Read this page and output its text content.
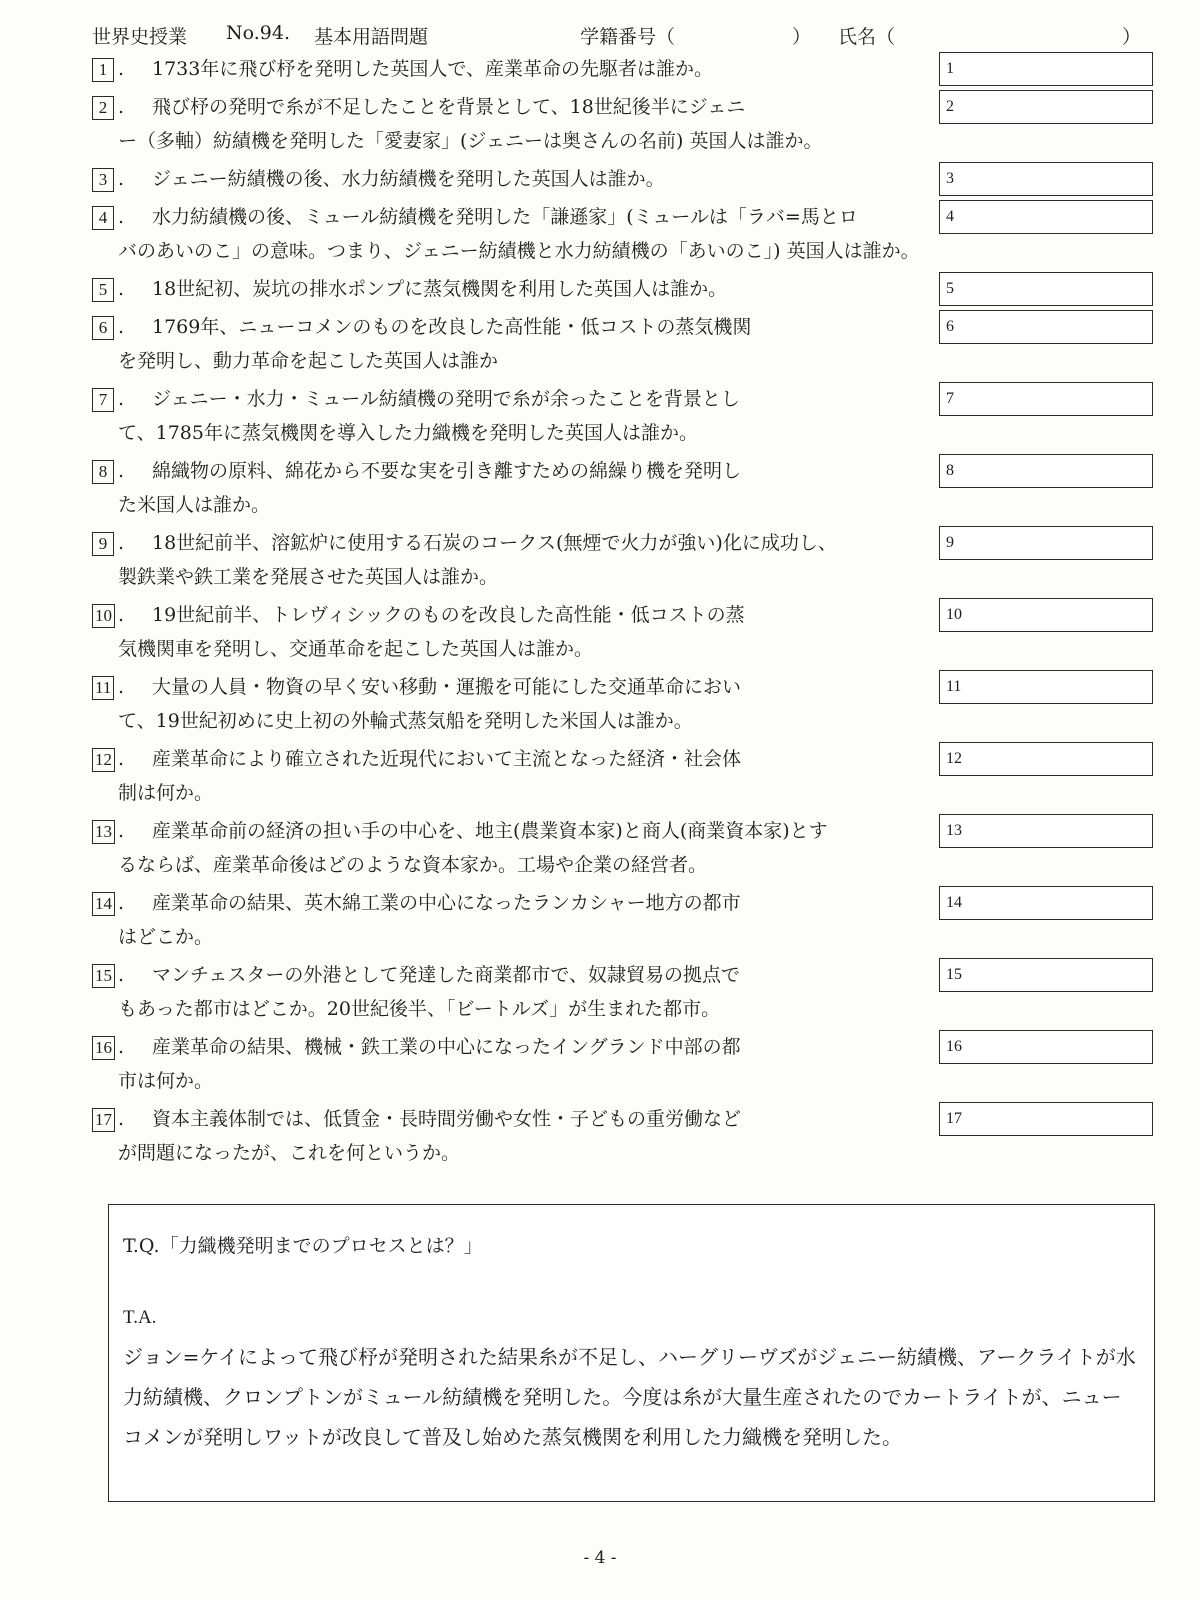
世界史授業 No.94. 基本用語問題	学籍番号（	） 氏名（	）
1 . 1733年に飛び杼を発明した英国人で、産業革命の先駆者は誰か。	1
2 . 飛び杼の発明で糸が不足したことを背景として、18世紀後半にジェニ
ー（多軸）紡績機を発明した「愛妻家」(ジェニーは奥さんの名前) 英国人は誰か。
2
3 . ジェニー紡績機の後、水力紡績機を発明した英国人は誰か。	3
4 . 水力紡績機の後、ミュール紡績機を発明した「謙遜家」(ミュールは「ラバ=馬とロ
バのあいのこ」の意味。つまり、ジェニー紡績機と水力紡績機の「あいのこ」) 英国人は誰か。
4
5 . 18世紀初、炭坑の排水ポンプに蒸気機関を利用した英国人は誰か。	5
6 . 1769年、ニューコメンのものを改良した高性能・低コストの蒸気機関
を発明し、動力革命を起こした英国人は誰か
6
7 . ジェニー・水力・ミュール紡績機の発明で糸が余ったことを背景とし
て、1785年に蒸気機関を導入した力織機を発明した英国人は誰か。
7
8 . 綿織物の原料、綿花から不要な実を引き離すための綿繰り機を発明し
た米国人は誰か。
8
9 . 18世紀前半、溶鉱炉に使用する石炭のコークス(無煙で火力が強い)化に成功し、
製鉄業や鉄工業を発展させた英国人は誰か。
9
10 . 19世紀前半、トレヴィシックのものを改良した高性能・低コストの蒸
気機関車を発明し、交通革命を起こした英国人は誰か。
10
11 . 大量の人員・物資の早く安い移動・運搬を可能にした交通革命におい
て、19世紀初めに史上初の外輪式蒸気船を発明した米国人は誰か。
11
12 . 産業革命により確立された近現代において主流となった経済・社会体
制は何か。
12
13 . 産業革命前の経済の担い手の中心を、地主(農業資本家)と商人(商業資本家)とす
るならば、産業革命後はどのような資本家か。工場や企業の経営者。
13
14 . 産業革命の結果、英木綿工業の中心になったランカシャー地方の都市
はどこか。
14
15 . マンチェスターの外港として発達した商業都市で、奴隷貿易の拠点で
もあった都市はどこか。20世紀後半、「ビートルズ」が生まれた都市。
15
16 . 産業革命の結果、機械・鉄工業の中心になったイングランド中部の都
市は何か。
16
17 . 資本主義体制では、低賃金・長時間労働や女性・子どもの重労働など
が問題になったが、これを何というか。
17
T.Q.「力織機発明までのプロセスとは？」
T.A.
ジョン=ケイによって飛び杼が発明された結果糸が不足し、ハーグリーヴズがジェニー紡績機、アークライトが水力紡績機、クロンプトンがミュール紡績機を発明した。今度は糸が大量生産されたのでカートライトが、ニューコメンが発明しワットが改良して普及し始めた蒸気機関を利用した力織機を発明した。
- 4 -
